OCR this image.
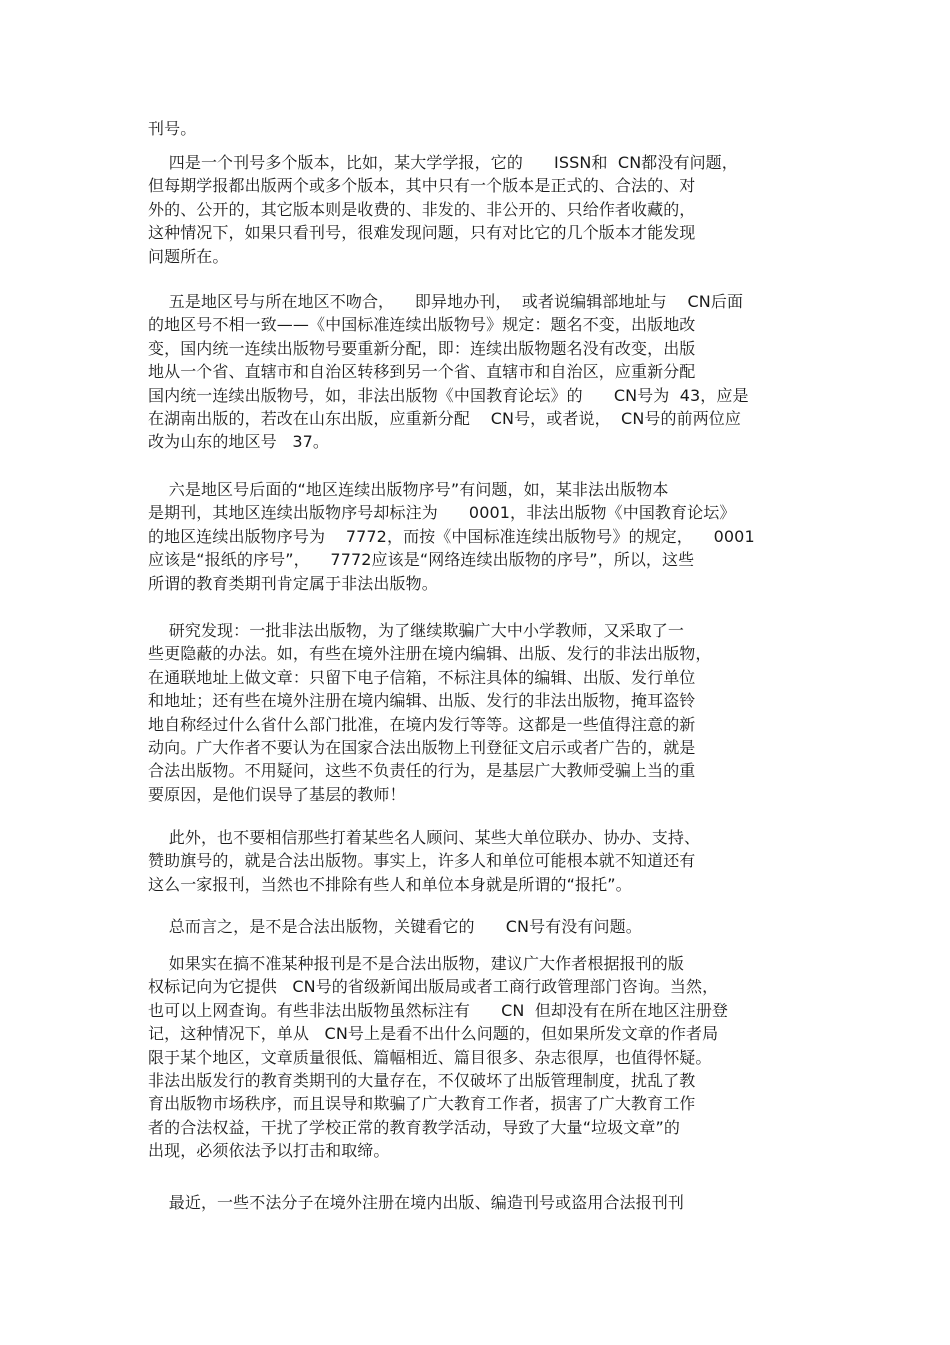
刊号。
四是一个刊号多个版本，比如，某大学学报，它的      ISSN和  CN都没有问题，
但每期学报都出版两个或多个版本，其中只有一个版本是正式的、合法的、对
外的、公开的，其它版本则是收费的、非发的、非公开的、只给作者收藏的，
这种情况下，如果只看刊号，很难发现问题，只有对比它的几个版本才能发现
问题所在。
五是地区号与所在地区不吻合，    即异地办刊，  或者说编辑部地址与    CN后面
的地区号不相一致——《中国标准连续出版物号》规定：题名不变，出版地改
变，国内统一连续出版物号要重新分配，即：连续出版物题名没有改变，出版
地从一个省、直辖市和自治区转移到另一个省、直辖市和自治区，应重新分配
国内统一连续出版物号，如，非法出版物《中国教育论坛》的      CN号为  43，应是
在湖南出版的，若改在山东出版，应重新分配    CN号，或者说，  CN号的前两位应
改为山东的地区号   37。
六是地区号后面的“地区连续出版物序号”有问题，如，某非法出版物本
是期刊，其地区连续出版物序号却标注为      0001，非法出版物《中国教育论坛》
的地区连续出版物序号为    7772，而按《中国标准连续出版物号》的规定，    0001
应该是“报纸的序号”，    7772应该是“网络连续出版物的序号”，所以，这些
所谓的教育类期刊肯定属于非法出版物。
研究发现：一批非法出版物，为了继续欺骗广大中小学教师，又采取了一
些更隐蔽的办法。如，有些在境外注册在境内编辑、出版、发行的非法出版物，
在通联地址上做文章：只留下电子信箱，不标注具体的编辑、出版、发行单位
和地址；还有些在境外注册在境内编辑、出版、发行的非法出版物，掩耳盗铃
地自称经过什么省什么部门批准，在境内发行等等。这都是一些值得注意的新
动向。广大作者不要认为在国家合法出版物上刊登征文启示或者广告的，就是
合法出版物。不用疑问，这些不负责任的行为，是基层广大教师受骗上当的重
要原因，是他们误导了基层的教师！
此外，也不要相信那些打着某些名人顾问、某些大单位联办、协办、支持、
赞助旗号的，就是合法出版物。事实上，许多人和单位可能根本就不知道还有
这么一家报刊，当然也不排除有些人和单位本身就是所谓的“报托”。
总而言之，是不是合法出版物，关键看它的      CN号有没有问题。
如果实在搞不准某种报刊是不是合法出版物，建议广大作者根据报刊的版
权标记向为它提供   CN号的省级新闻出版局或者工商行政管理部门咨询。当然，
也可以上网查询。有些非法出版物虽然标注有      CN  但却没有在所在地区注册登
记，这种情况下，单从   CN号上是看不出什么问题的，但如果所发文章的作者局
限于某个地区，文章质量很低、篇幅相近、篇目很多、杂志很厚，也值得怀疑。
非法出版发行的教育类期刊的大量存在，不仅破坏了出版管理制度，扰乱了教
育出版物市场秩序，而且误导和欺骗了广大教育工作者，损害了广大教育工作
者的合法权益，干扰了学校正常的教育教学活动，导致了大量“垃圾文章”的
出现，必须依法予以打击和取缔。
最近，一些不法分子在境外注册在境内出版、编造刊号或盗用合法报刊刊
